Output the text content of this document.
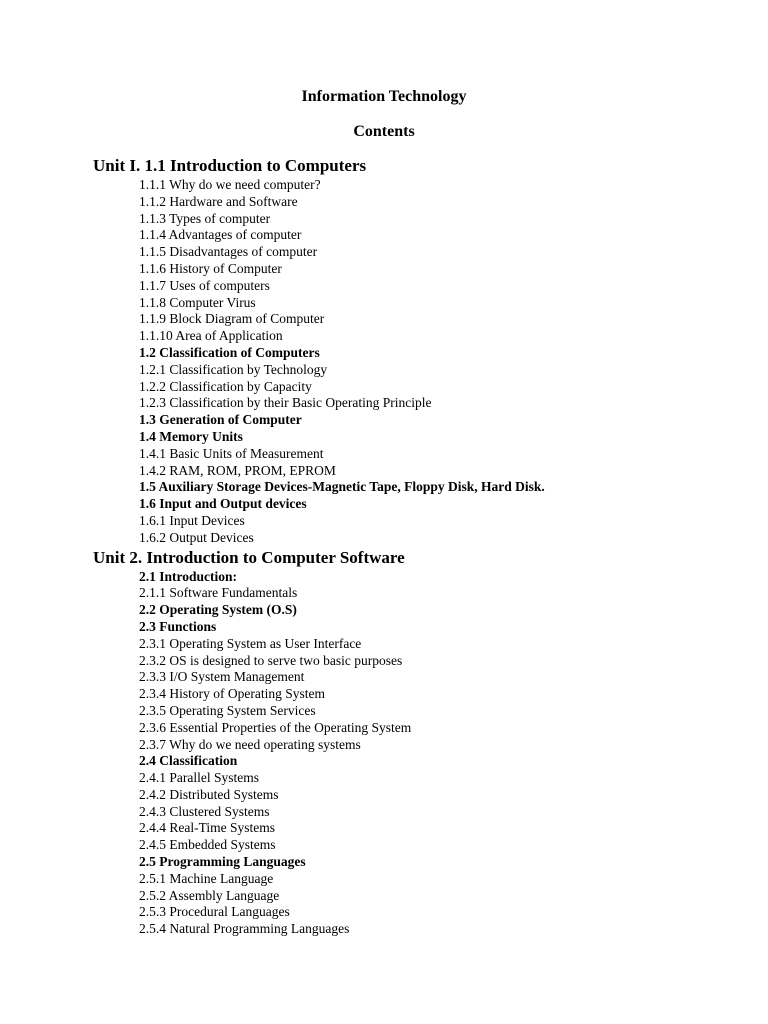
Information Technology
Contents
Unit I. 1.1 Introduction to Computers
1.1.1 Why do we need computer?
1.1.2 Hardware and Software
1.1.3 Types of computer
1.1.4 Advantages of computer
1.1.5 Disadvantages of computer
1.1.6 History of Computer
1.1.7 Uses of computers
1.1.8 Computer Virus
1.1.9 Block Diagram of Computer
1.1.10 Area of Application
1.2 Classification of Computers
1.2.1 Classification by Technology
1.2.2 Classification by Capacity
1.2.3 Classification by their Basic Operating Principle
1.3 Generation of Computer
1.4 Memory Units
1.4.1 Basic Units of Measurement
1.4.2 RAM, ROM, PROM, EPROM
1.5 Auxiliary Storage Devices-Magnetic Tape, Floppy Disk, Hard Disk.
1.6 Input and Output devices
1.6.1 Input Devices
1.6.2 Output Devices
Unit 2. Introduction to Computer Software
2.1 Introduction:
2.1.1 Software Fundamentals
2.2 Operating System (O.S)
2.3 Functions
2.3.1 Operating System as User Interface
2.3.2 OS is designed to serve two basic purposes
2.3.3 I/O System Management
2.3.4 History of Operating System
2.3.5 Operating System Services
2.3.6 Essential Properties of the Operating System
2.3.7 Why do we need operating systems
2.4 Classification
2.4.1 Parallel Systems
2.4.2 Distributed Systems
2.4.3 Clustered Systems
2.4.4 Real-Time Systems
2.4.5 Embedded Systems
2.5 Programming Languages
2.5.1 Machine Language
2.5.2 Assembly Language
2.5.3 Procedural Languages
2.5.4 Natural Programming Languages
